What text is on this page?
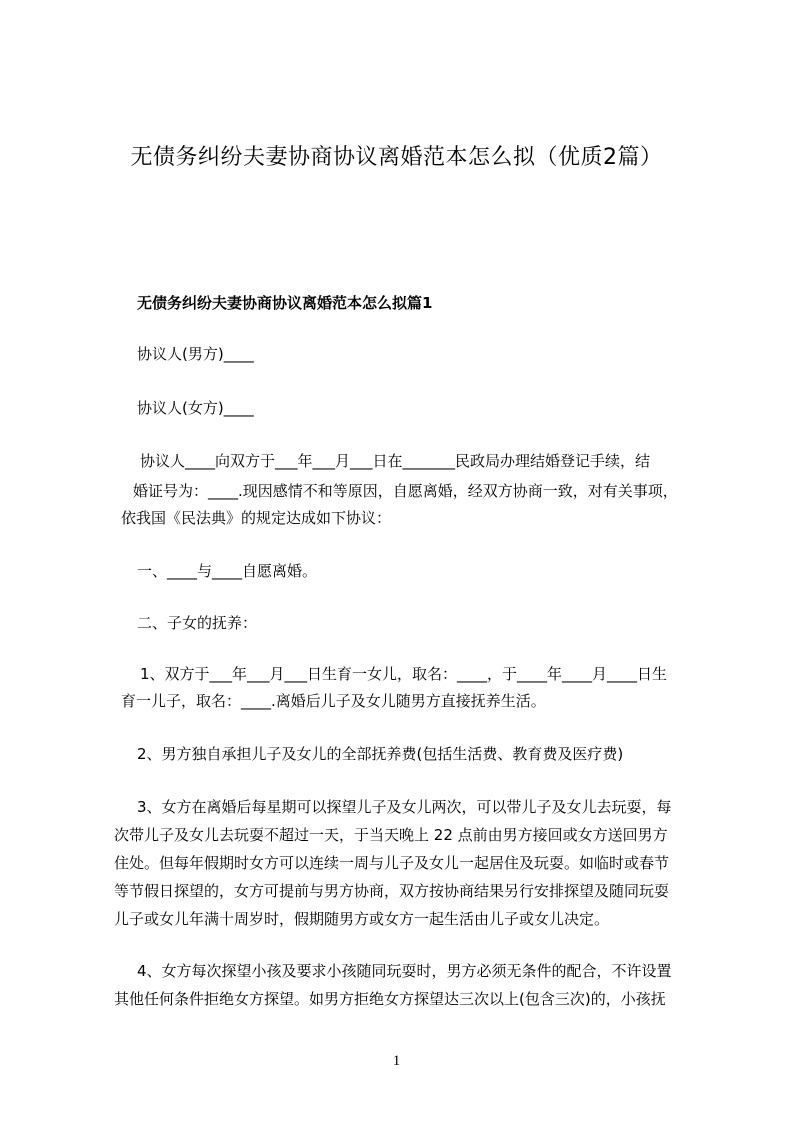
无债务纠纷夫妻协商协议离婚范本怎么拟（优质2篇）
无债务纠纷夫妻协商协议离婚范本怎么拟篇1
协议人(男方)____
协议人(女方)____
协议人____向双方于___年___月___日在_______民政局办理结婚登记手续，结
婚证号为：____.现因感情不和等原因，自愿离婚，经双方协商一致，对有关事项，
依我国《民法典》的规定达成如下协议：
一、____与____自愿离婚。
二、子女的抚养：
1、双方于___年___月___日生育一女儿，取名：____，于____年____月____日生
育一儿子，取名：____.离婚后儿子及女儿随男方直接抚养生活。
2、男方独自承担儿子及女儿的全部抚养费(包括生活费、教育费及医疗费)
3、女方在离婚后每星期可以探望儿子及女儿两次，可以带儿子及女儿去玩耍，每
次带儿子及女儿去玩耍不超过一天，于当天晚上 22 点前由男方接回或女方送回男方
住处。但每年假期时女方可以连续一周与儿子及女儿一起居住及玩耍。如临时或春节
等节假日探望的，女方可提前与男方协商，双方按协商结果另行安排探望及随同玩耍
儿子或女儿年满十周岁时，假期随男方或女方一起生活由儿子或女儿决定。
4、女方每次探望小孩及要求小孩随同玩耍时，男方必须无条件的配合，不许设置
其他任何条件拒绝女方探望。如男方拒绝女方探望达三次以上(包含三次)的，小孩抚
1
